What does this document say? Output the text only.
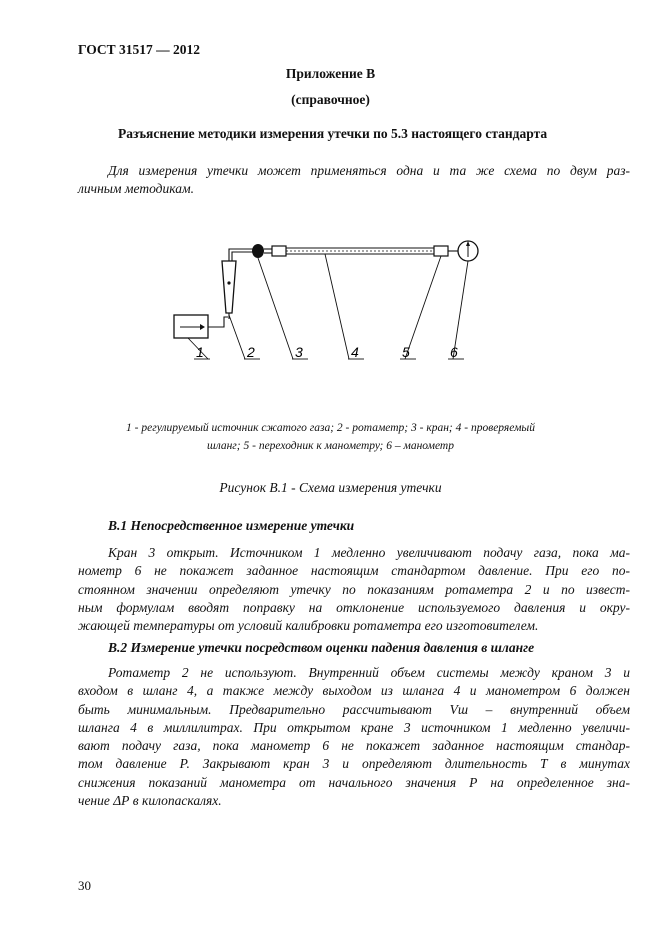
ГОСТ 31517 — 2012
Приложение В
(справочное)
Разъяснение методики измерения утечки по 5.3 настоящего стандарта
Для измерения утечки может применяться одна и та же схема по двум раз-
личным методикам.
1	2	3	4	5	6
1 - регулируемый источник сжатого газа; 2 - ротаметр; 3 - кран; 4 - проверяемый
шланг; 5 - переходник к манометру; 6 – манометр
Рисунок В.1 - Схема измерения утечки
В.1 Непосредственное измерение утечки
Кран 3 открыт. Источником 1 медленно увеличивают подачу газа, пока ма-
нометр 6 не покажет заданное настоящим стандартом давление. При его по-
стоянном значении определяют утечку по показаниям ротаметра 2 и по извест-
ным формулам вводят поправку на отклонение используемого давления и окру-
жающей температуры от условий калибровки ротаметра его изготовителем.
В.2 Измерение утечки посредством оценки падения давления в шланге
Ротаметр 2 не используют. Внутренний объем системы между краном 3 и
входом в шланг 4, а также между выходом из шланга 4 и манометром 6 должен
быть минимальным. Предварительно рассчитывают Vш – внутренний объем
шланга 4 в миллилитрах. При открытом кране 3 источником 1 медленно увеличи-
вают подачу газа, пока манометр 6 не покажет заданное настоящим стандар-
том давление Р. Закрывают кран 3 и определяют длительность Т в минутах
снижения показаний манометра от начального значения Р на определенное зна-
чение ΔР в килопаскалях.
30
